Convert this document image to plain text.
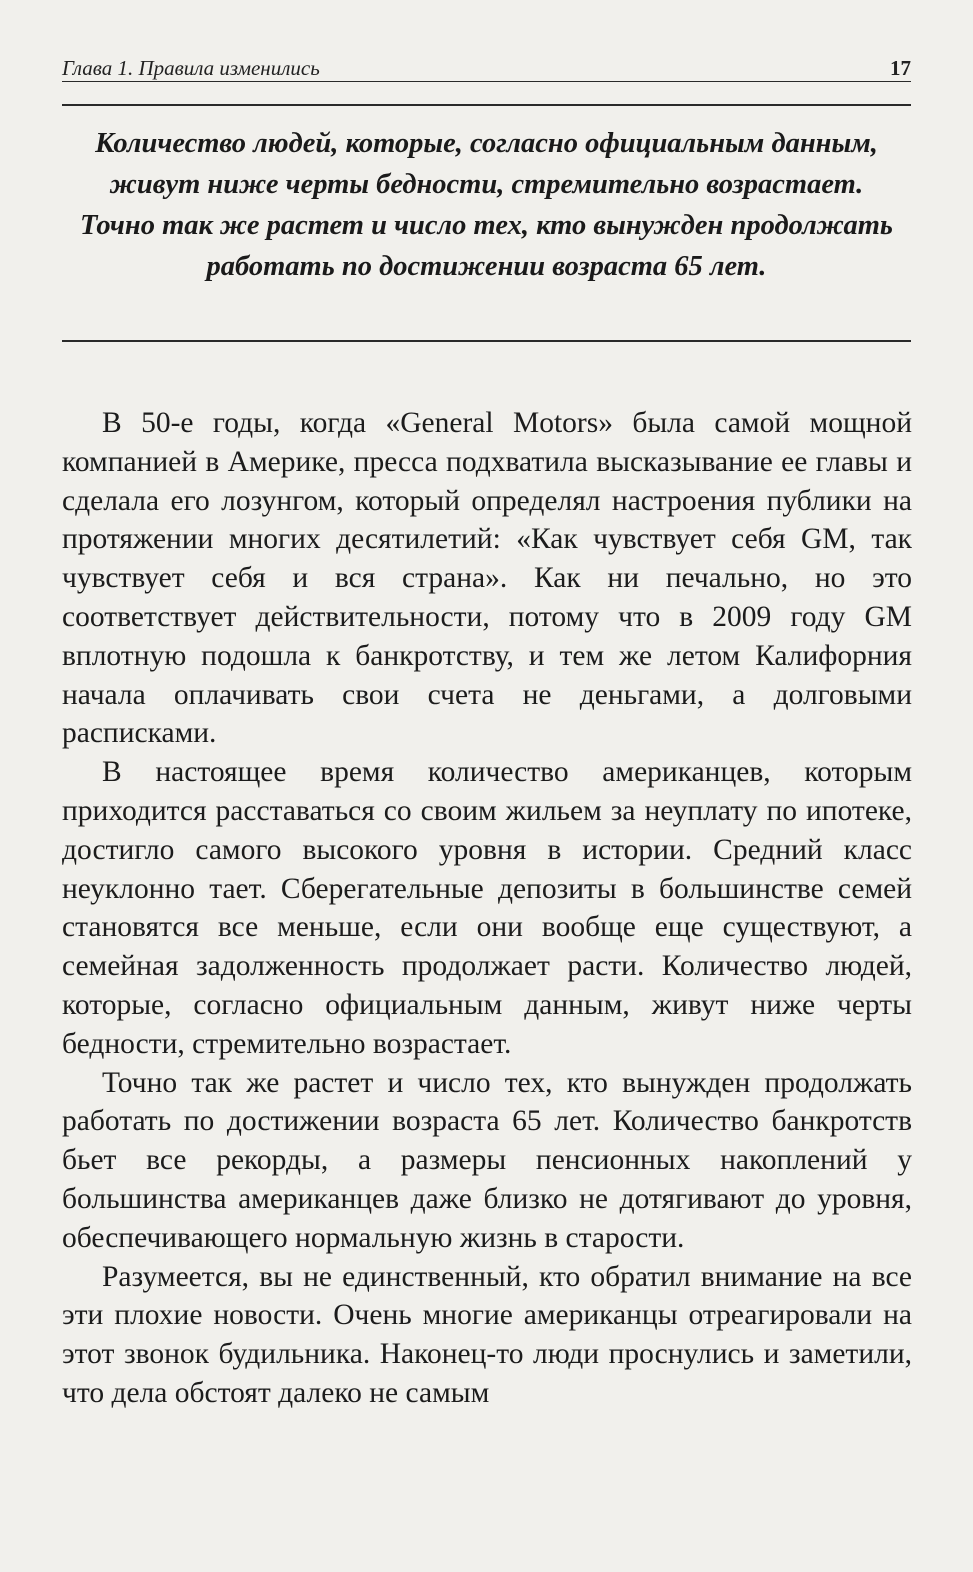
Глава 1. Правила изменились	17

Количество людей, которые, согласно официальным данным, живут ниже черты бедности, стремительно возрастает. Точно так же растет и число тех, кто вынужден продолжать работать по достижении возраста 65 лет.

В 50-е годы, когда «General Motors» была самой мощной компанией в Америке, пресса подхватила высказывание ее главы и сделала его лозунгом, который определял настроения публики на протяжении многих десятилетий: «Как чувствует себя GM, так чувствует себя и вся страна». Как ни печально, но это соответствует действительности, потому что в 2009 году GM вплотную подошла к банкротству, и тем же летом Калифорния начала оплачивать свои счета не деньгами, а долговыми расписками.

В настоящее время количество американцев, которым приходится расставаться со своим жильем за неуплату по ипотеке, достигло самого высокого уровня в истории. Средний класс неуклонно тает. Сберегательные депозиты в большинстве семей становятся все меньше, если они вообще еще существуют, а семейная задолженность продолжает расти. Количество людей, которые, согласно официальным данным, живут ниже черты бедности, стремительно возрастает.

Точно так же растет и число тех, кто вынужден продолжать работать по достижении возраста 65 лет. Количество банкротств бьет все рекорды, а размеры пенсионных накоплений у большинства американцев даже близко не дотягивают до уровня, обеспечивающего нормальную жизнь в старости.

Разумеется, вы не единственный, кто обратил внимание на все эти плохие новости. Очень многие американцы отреагировали на этот звонок будильника. Наконец-то люди проснулись и заметили, что дела обстоят далеко не самым
